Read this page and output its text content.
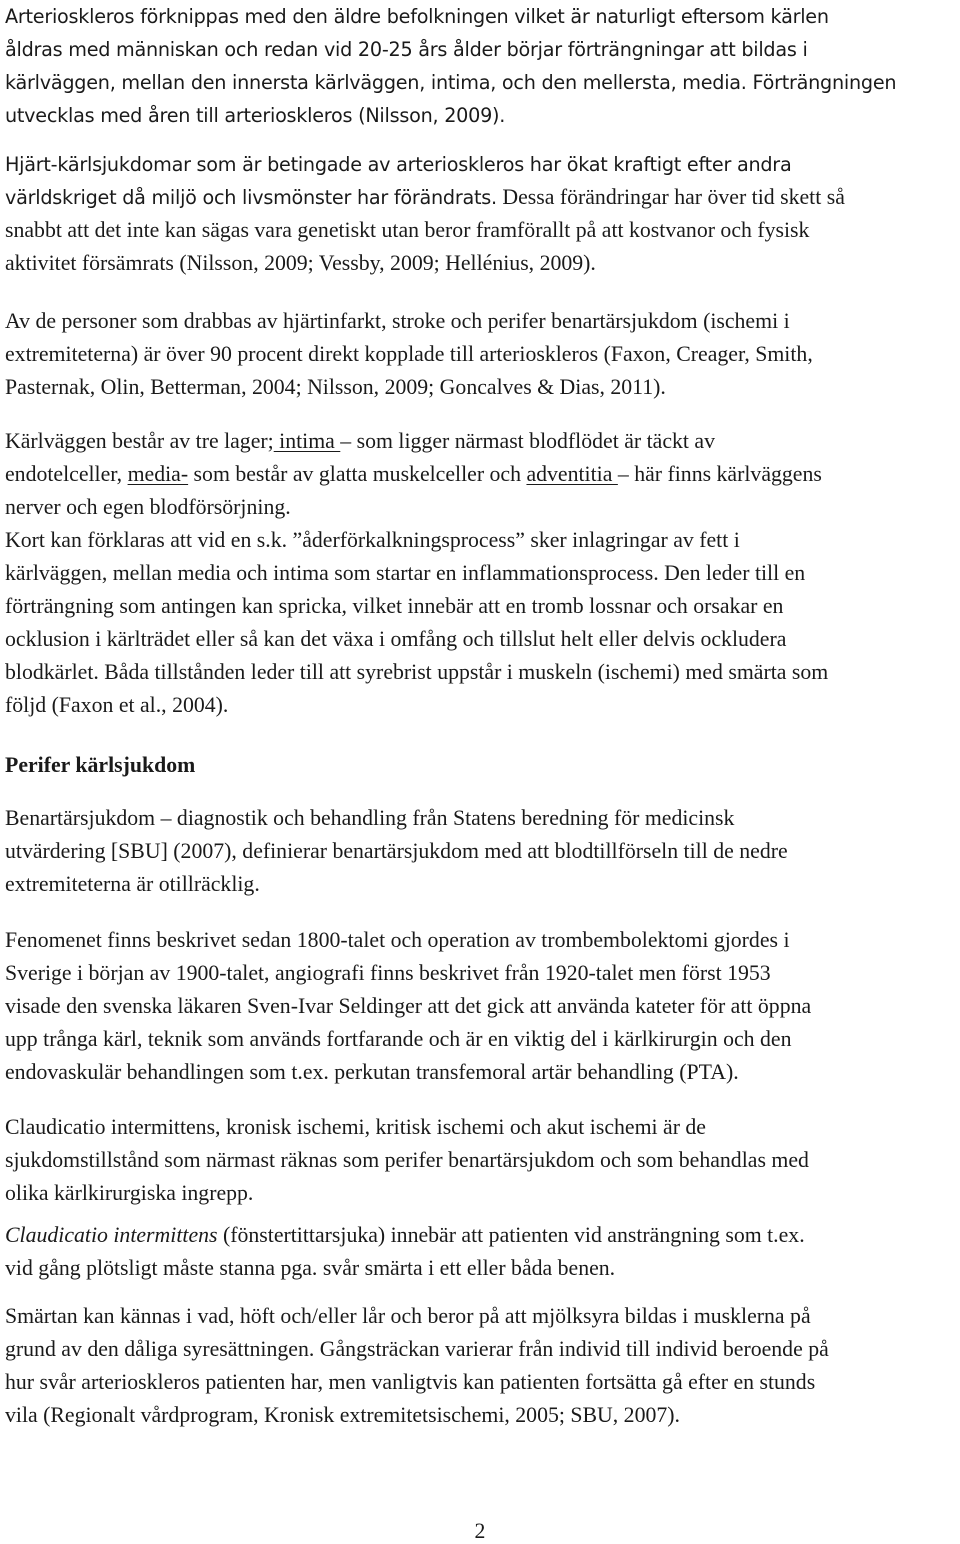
Arterioskleros förknippas med den äldre befolkningen vilket är naturligt eftersom kärlen

åldras med människan och redan vid 20-25 års ålder börjar förträngningar att bildas i

kärlväggen, mellan den innersta kärlväggen, intima, och den mellersta, media. Förträngningen

utvecklas med åren till arterioskleros (Nilsson, 2009).

Hjärt-kärlsjukdomar som är betingade av arterioskleros har ökat kraftigt efter andra

världskriget då miljö och livsmönster har förändrats. Dessa förändringar har över tid skett så

snabbt att det inte kan sägas vara genetiskt utan beror framförallt på att kostvanor och fysisk

aktivitet försämrats (Nilsson, 2009; Vessby, 2009; Hellénius, 2009).

Av de personer som drabbas av hjärtinfarkt, stroke och perifer benartärsjukdom (ischemi i

extremiteterna) är över 90 procent direkt kopplade till arterioskleros (Faxon, Creager, Smith,

Pasternak, Olin, Betterman, 2004; Nilsson, 2009; Goncalves & Dias, 2011).

Kärlväggen består av tre lager; intima – som ligger närmast blodflödet är täckt av

endotelceller, media- som består av glatta muskelceller och adventitia – här finns kärlväggens

nerver och egen blodförsörjning.

Kort kan förklaras att vid en s.k. ”åderförkalkningsprocess” sker inlagringar av fett i

kärlväggen, mellan media och intima som startar en inflammationsprocess. Den leder till en

förträngning som antingen kan spricka, vilket innebär att en tromb lossnar och orsakar en

ocklusion i kärlträdet eller så kan det växa i omfång och tillslut helt eller delvis ockludera

blodkärlet. Båda tillstånden leder till att syrebrist uppstår i muskeln (ischemi) med smärta som

följd (Faxon et al., 2004).

Perifer kärlsjukdom

Benartärsjukdom – diagnostik och behandling från Statens beredning för medicinsk

utvärdering [SBU] (2007), definierar benartärsjukdom med att blodtillförseln till de nedre

extremiteterna är otillräcklig.

Fenomenet finns beskrivet sedan 1800-talet och operation av trombembolektomi gjordes i

Sverige i början av 1900-talet, angiografi finns beskrivet från 1920-talet men först 1953

visade den svenska läkaren Sven-Ivar Seldinger att det gick att använda kateter för att öppna

upp trånga kärl, teknik som används fortfarande och är en viktig del i kärlkirurgin och den

endovaskulär behandlingen som t.ex. perkutan transfemoral artär behandling (PTA).

Claudicatio intermittens, kronisk ischemi, kritisk ischemi och akut ischemi är de

sjukdomstillstånd som närmast räknas som perifer benartärsjukdom och som behandlas med

olika kärlkirurgiska ingrepp.

Claudicatio intermittens (fönstertittarsjuka) innebär att patienten vid ansträngning som t.ex.

vid gång plötsligt måste stanna pga. svår smärta i ett eller båda benen.

Smärtan kan kännas i vad, höft och/eller lår och beror på att mjölksyra bildas i musklerna på

grund av den dåliga syresättningen. Gångsträckan varierar från individ till individ beroende på

hur svår arterioskleros patienten har, men vanligtvis kan patienten fortsätta gå efter en stunds

vila (Regionalt vårdprogram, Kronisk extremitetsischemi, 2005; SBU, 2007).

2
